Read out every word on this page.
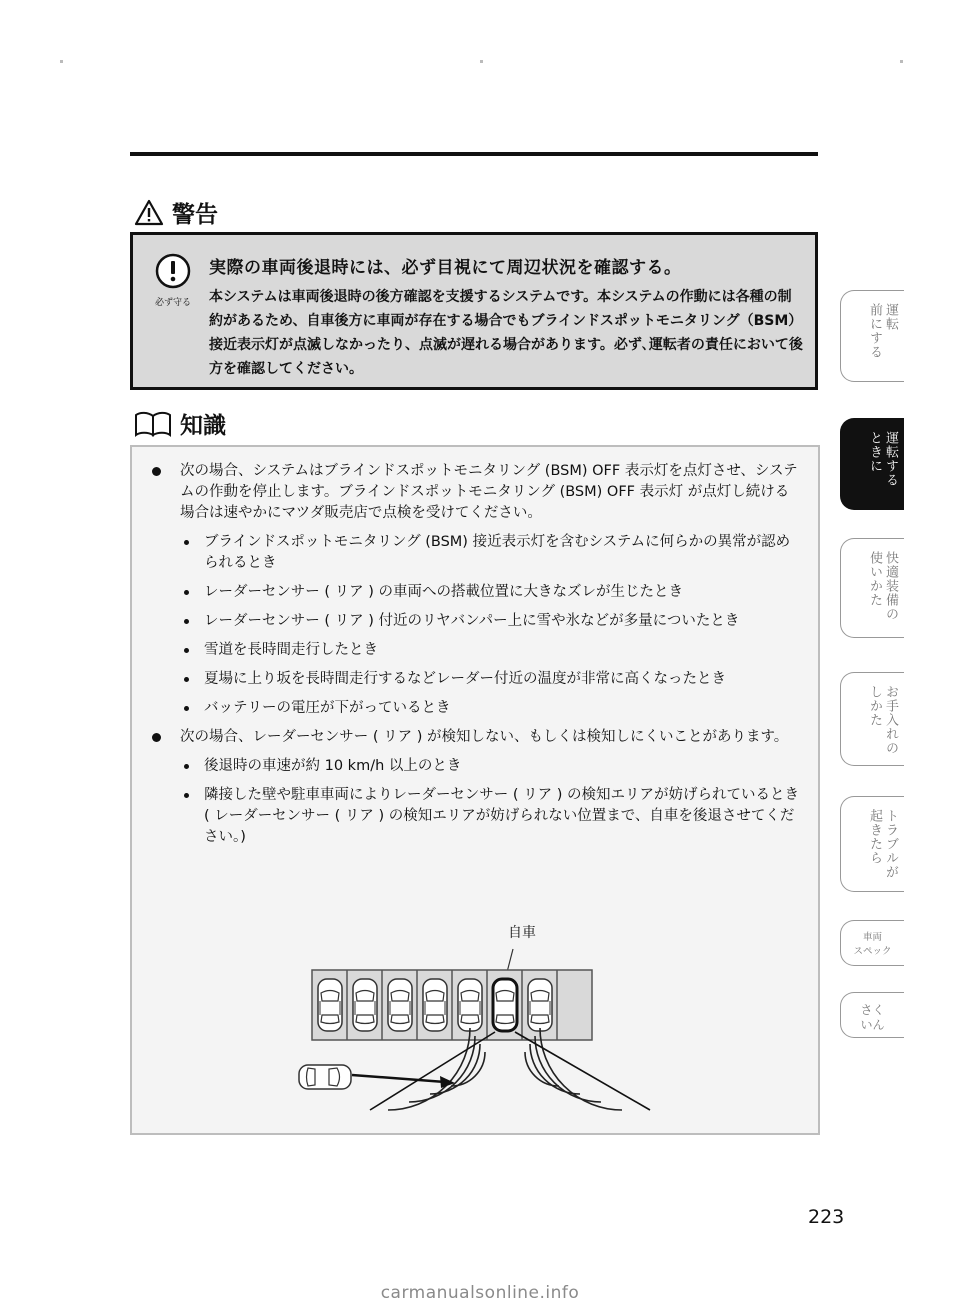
警告
必ず守る
実際の車両後退時には、必ず目視にて周辺状況を確認する。
本システムは車両後退時の後方確認を支援するシステムです。本システムの作動には各種の制約があるため、自車後方に車両が存在する場合でもブラインドスポットモニタリング（BSM）接近表示灯が点滅しなかったり、点滅が遅れる場合があります。必ず､運転者の責任において後方を確認してください。
知識
次の場合、システムはブラインドスポットモニタリング (BSM) OFF 表示灯を点灯させ、システムの作動を停止します。ブラインドスポットモニタリング (BSM) OFF 表示灯 が点灯し続ける場合は速やかにマツダ販売店で点検を受けてください。
ブラインドスポットモニタリング (BSM) 接近表示灯を含むシステムに何らかの異常が認められるとき
レーダーセンサー ( リア ) の車両への搭載位置に大きなズレが生じたとき
レーダーセンサー ( リア ) 付近のリヤバンパー上に雪や氷などが多量についたとき
雪道を長時間走行したとき
夏場に上り坂を長時間走行するなどレーダー付近の温度が非常に高くなったとき
バッテリーの電圧が下がっているとき
次の場合、レーダーセンサー ( リア ) が検知しない、もしくは検知しにくいことがあります。
後退時の車速が約 10 km/h 以上のとき
隣接した壁や駐車車両によりレーダーセンサー ( リア ) の検知エリアが妨げられているとき ( レーダーセンサー ( リア ) の検知エリアが妨げられない位置まで、自車を後退させてください。)
自車
運転
前にする
運転する
ときに
快適装備の
使いかた
お手入れの
しかた
トラブルが
起きたら
車両
スペック
さく
いん
223
carmanualsonline.info
